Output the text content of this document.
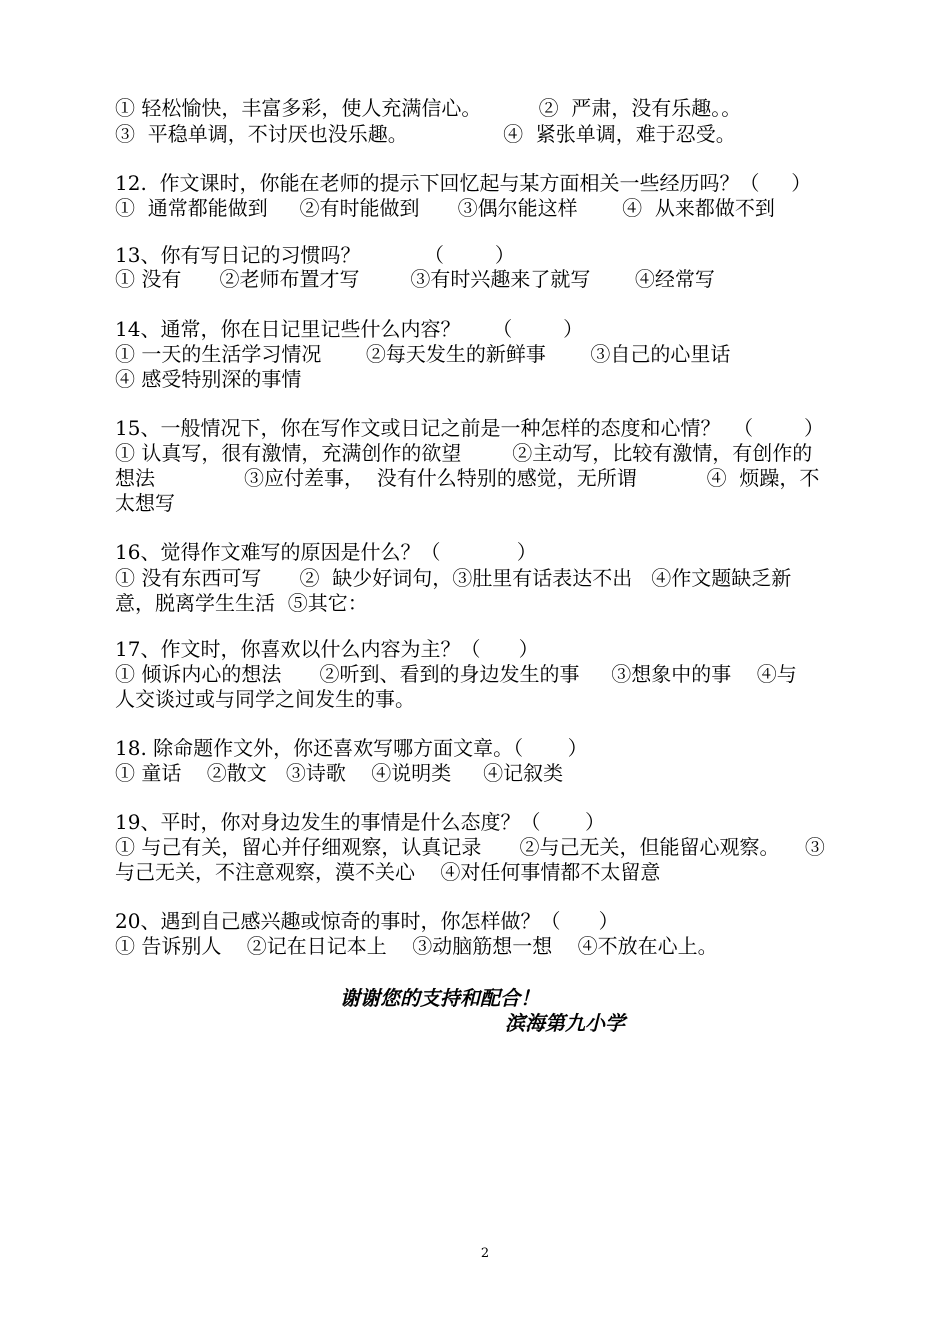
① 轻松愉快，丰富多彩，使人充满信心。         ②  严肃，没有乐趣。。
③  平稳单调，不讨厌也没乐趣。               ④  紧张单调，难于忍受。
12.  作文课时，你能在老师的提示下回忆起与某方面相关一些经历吗？（     ）
①  通常都能做到     ②有时能做到      ③偶尔能这样       ④  从来都做不到
13、你有写日记的习惯吗？          （        ）
① 没有      ②老师布置才写        ③有时兴趣来了就写       ④经常写
14、通常，你在日记里记些什么内容？     （        ）
① 一天的生活学习情况       ②每天发生的新鲜事       ③自己的心里话
④ 感受特别深的事情
15、一般情况下，你在写作文或日记之前是一种怎样的态度和心情？  （        ）
① 认真写，很有激情，充满创作的欲望        ②主动写，比较有激情，有创作的
想法              ③应付差事，  没有什么特别的感觉，无所谓           ④  烦躁，不
太想写
16、觉得作文难写的原因是什么？（            ）
① 没有东西可写      ②  缺少好词句，③肚里有话表达不出   ④作文题缺乏新
意，脱离学生生活  ⑤其它：
17、作文时，你喜欢以什么内容为主？（      ）
① 倾诉内心的想法      ②听到、看到的身边发生的事     ③想象中的事    ④与
人交谈过或与同学之间发生的事。
18. 除命题作文外，你还喜欢写哪方面文章。（       ）
① 童话    ②散文   ③诗歌    ④说明类     ④记叙类
19、平时，你对身边发生的事情是什么态度？（       ）
① 与己有关，留心并仔细观察，认真记录      ②与己无关，但能留心观察。    ③
与己无关，不注意观察，漠不关心    ④对任何事情都不太留意
20、遇到自己感兴趣或惊奇的事时，你怎样做？（      ）
① 告诉别人    ②记在日记本上    ③动脑筋想一想    ④不放在心上。
谢谢您的支持和配合！
滨海第九小学
2
